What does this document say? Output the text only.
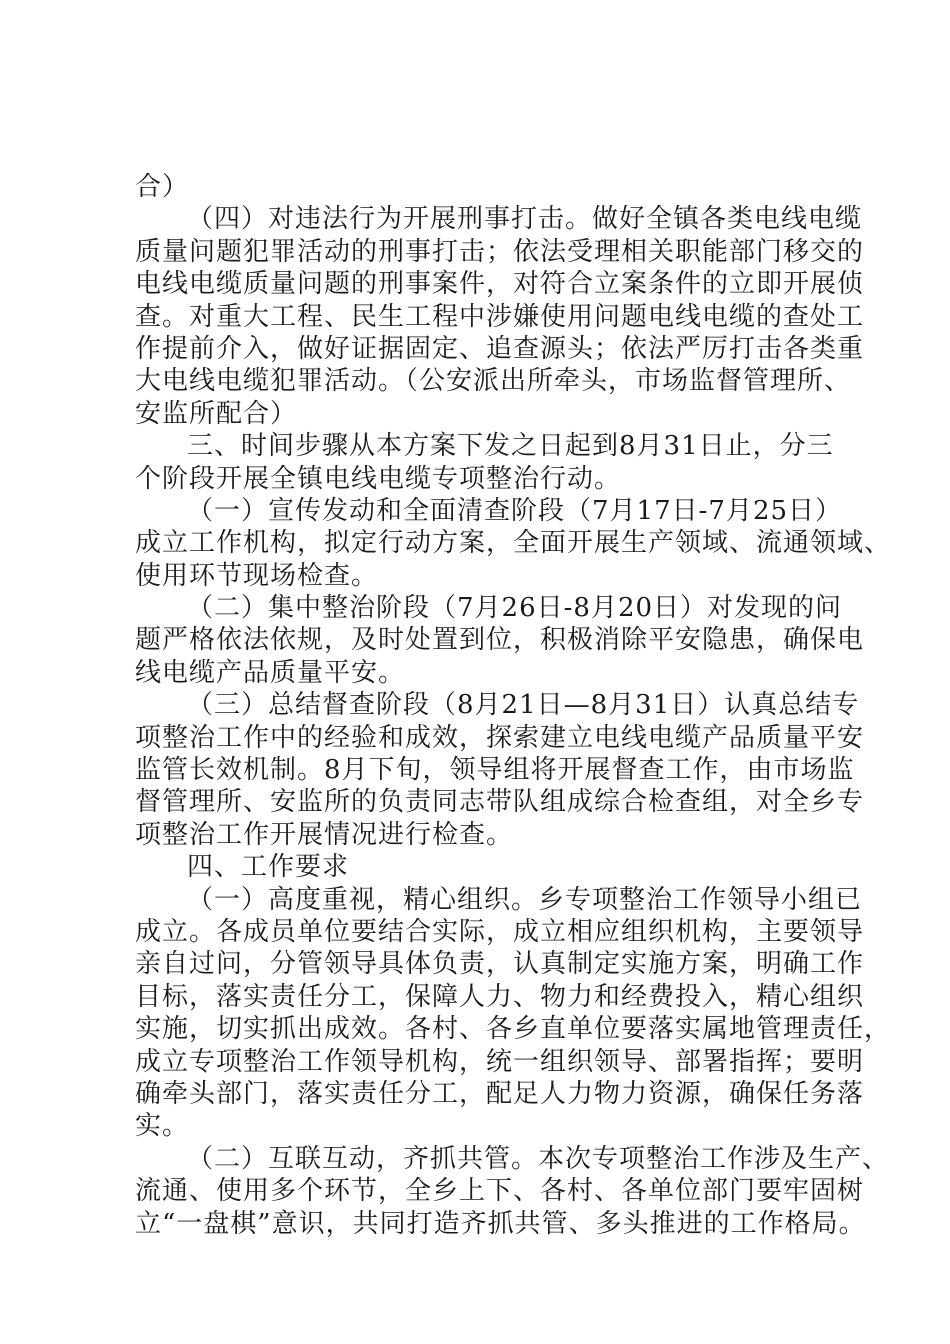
合）
（四）对违法行为开展刑事打击。做好全镇各类电线电缆
质量问题犯罪活动的刑事打击；依法受理相关职能部门移交的
电线电缆质量问题的刑事案件，对符合立案条件的立即开展侦
查。对重大工程、民生工程中涉嫌使用问题电线电缆的查处工
作提前介入，做好证据固定、追查源头；依法严厉打击各类重
大电线电缆犯罪活动。（公安派出所牵头，市场监督管理所、
安监所配合）
三、时间步骤从本方案下发之日起到8月31日止，分三
个阶段开展全镇电线电缆专项整治行动。
（一）宣传发动和全面清查阶段（7月17日-7月25日）
成立工作机构，拟定行动方案，全面开展生产领域、流通领域、
使用环节现场检查。
（二）集中整治阶段（7月26日-8月20日）对发现的问
题严格依法依规，及时处置到位，积极消除平安隐患，确保电
线电缆产品质量平安。
（三）总结督查阶段（8月21日—8月31日）认真总结专
项整治工作中的经验和成效，探索建立电线电缆产品质量平安
监管长效机制。8月下旬，领导组将开展督查工作，由市场监
督管理所、安监所的负责同志带队组成综合检查组，对全乡专
项整治工作开展情况进行检查。
四、工作要求
（一）高度重视，精心组织。乡专项整治工作领导小组已
成立。各成员单位要结合实际，成立相应组织机构，主要领导
亲自过问，分管领导具体负责，认真制定实施方案，明确工作
目标，落实责任分工，保障人力、物力和经费投入，精心组织
实施，切实抓出成效。各村、各乡直单位要落实属地管理责任，
成立专项整治工作领导机构，统一组织领导、部署指挥；要明
确牵头部门，落实责任分工，配足人力物力资源，确保任务落
实。
（二）互联互动，齐抓共管。本次专项整治工作涉及生产、
流通、使用多个环节，全乡上下、各村、各单位部门要牢固树
立“一盘棋”意识，共同打造齐抓共管、多头推进的工作格局。
